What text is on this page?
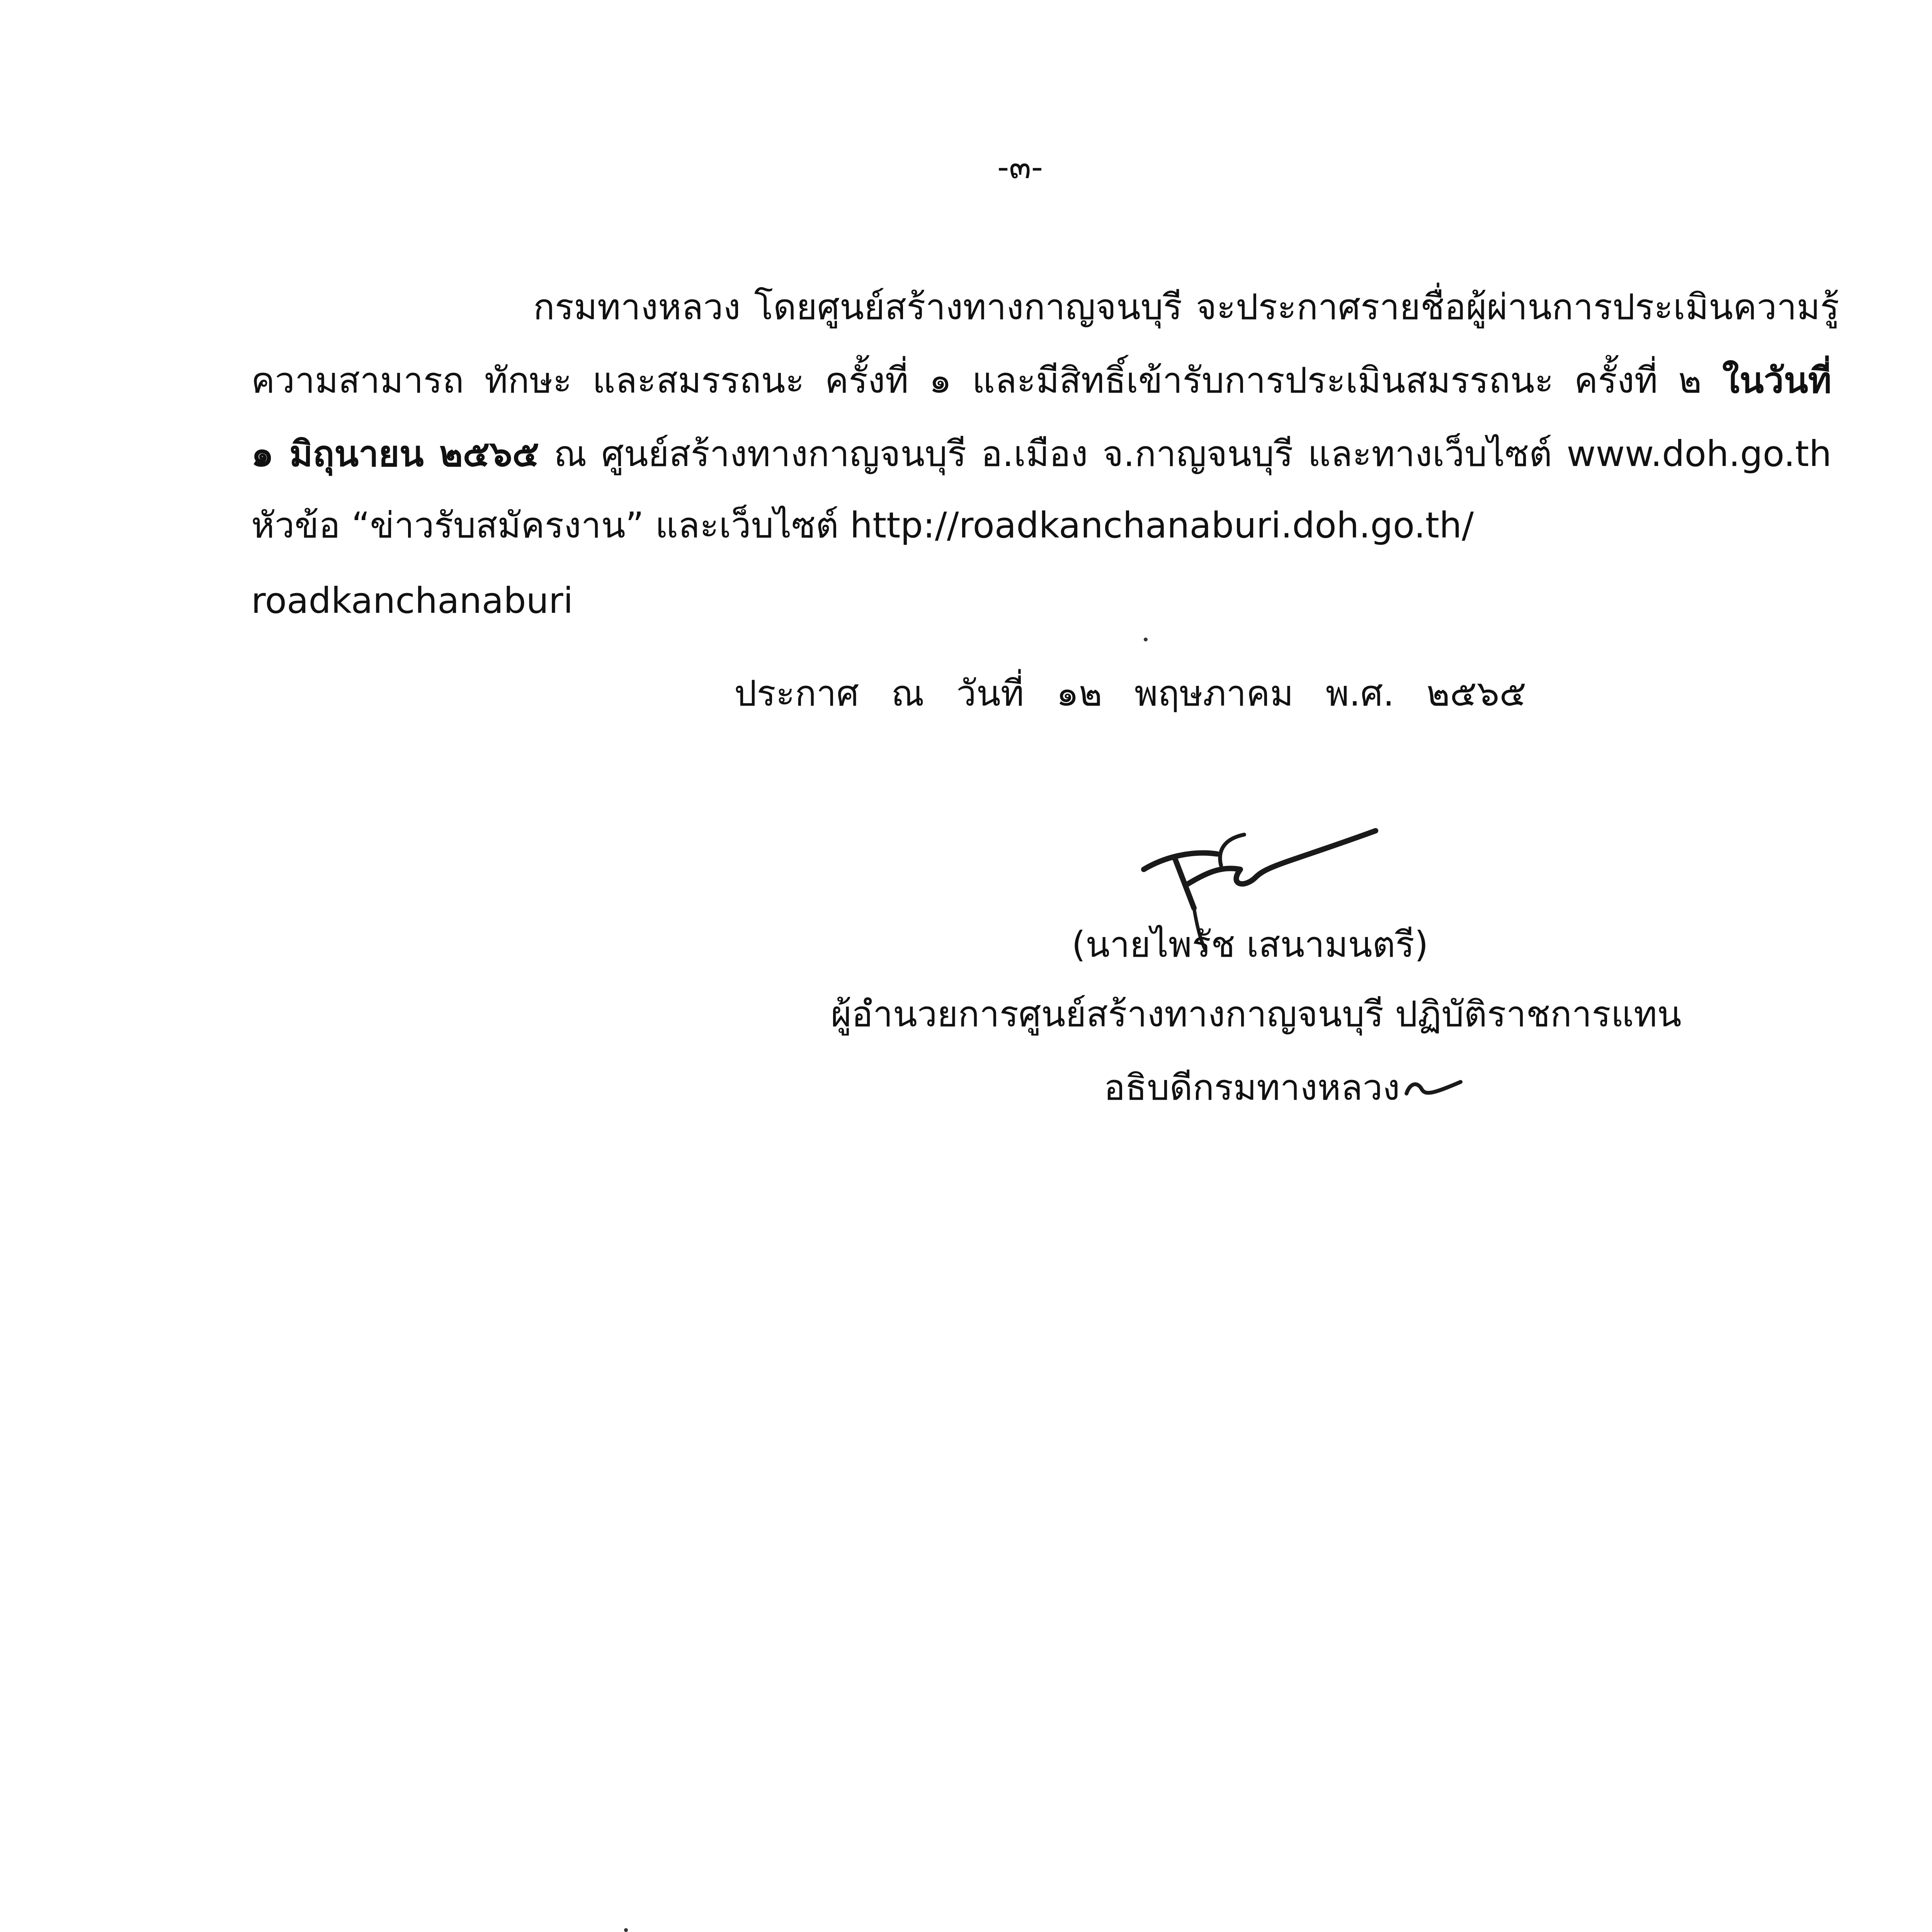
-๓-
กรมทางหลวง โดยศูนย์สร้างทางกาญจนบุรี จะประกาศรายชื่อผู้ผ่านการประเมินความรู้
ความสามารถ ทักษะ และสมรรถนะ ครั้งที่ ๑ และมีสิทธิ์เข้ารับการประเมินสมรรถนะ ครั้งที่ ๒ ในวันที่
๑ มิถุนายน ๒๕๖๕ ณ ศูนย์สร้างทางกาญจนบุรี อ.เมือง จ.กาญจนบุรี และทางเว็บไซต์ www.doh.go.th
หัวข้อ “ข่าวรับสมัครงาน” และเว็บไซต์ http://roadkanchanaburi.doh.go.th/
roadkanchanaburi
ประกาศ ณ วันที่ ๑๒ พฤษภาคม พ.ศ. ๒๕๖๕
(นายไพรัช เสนามนตรี)
ผู้อำนวยการศูนย์สร้างทางกาญจนบุรี ปฏิบัติราชการแทน
อธิบดีกรมทางหลวง
